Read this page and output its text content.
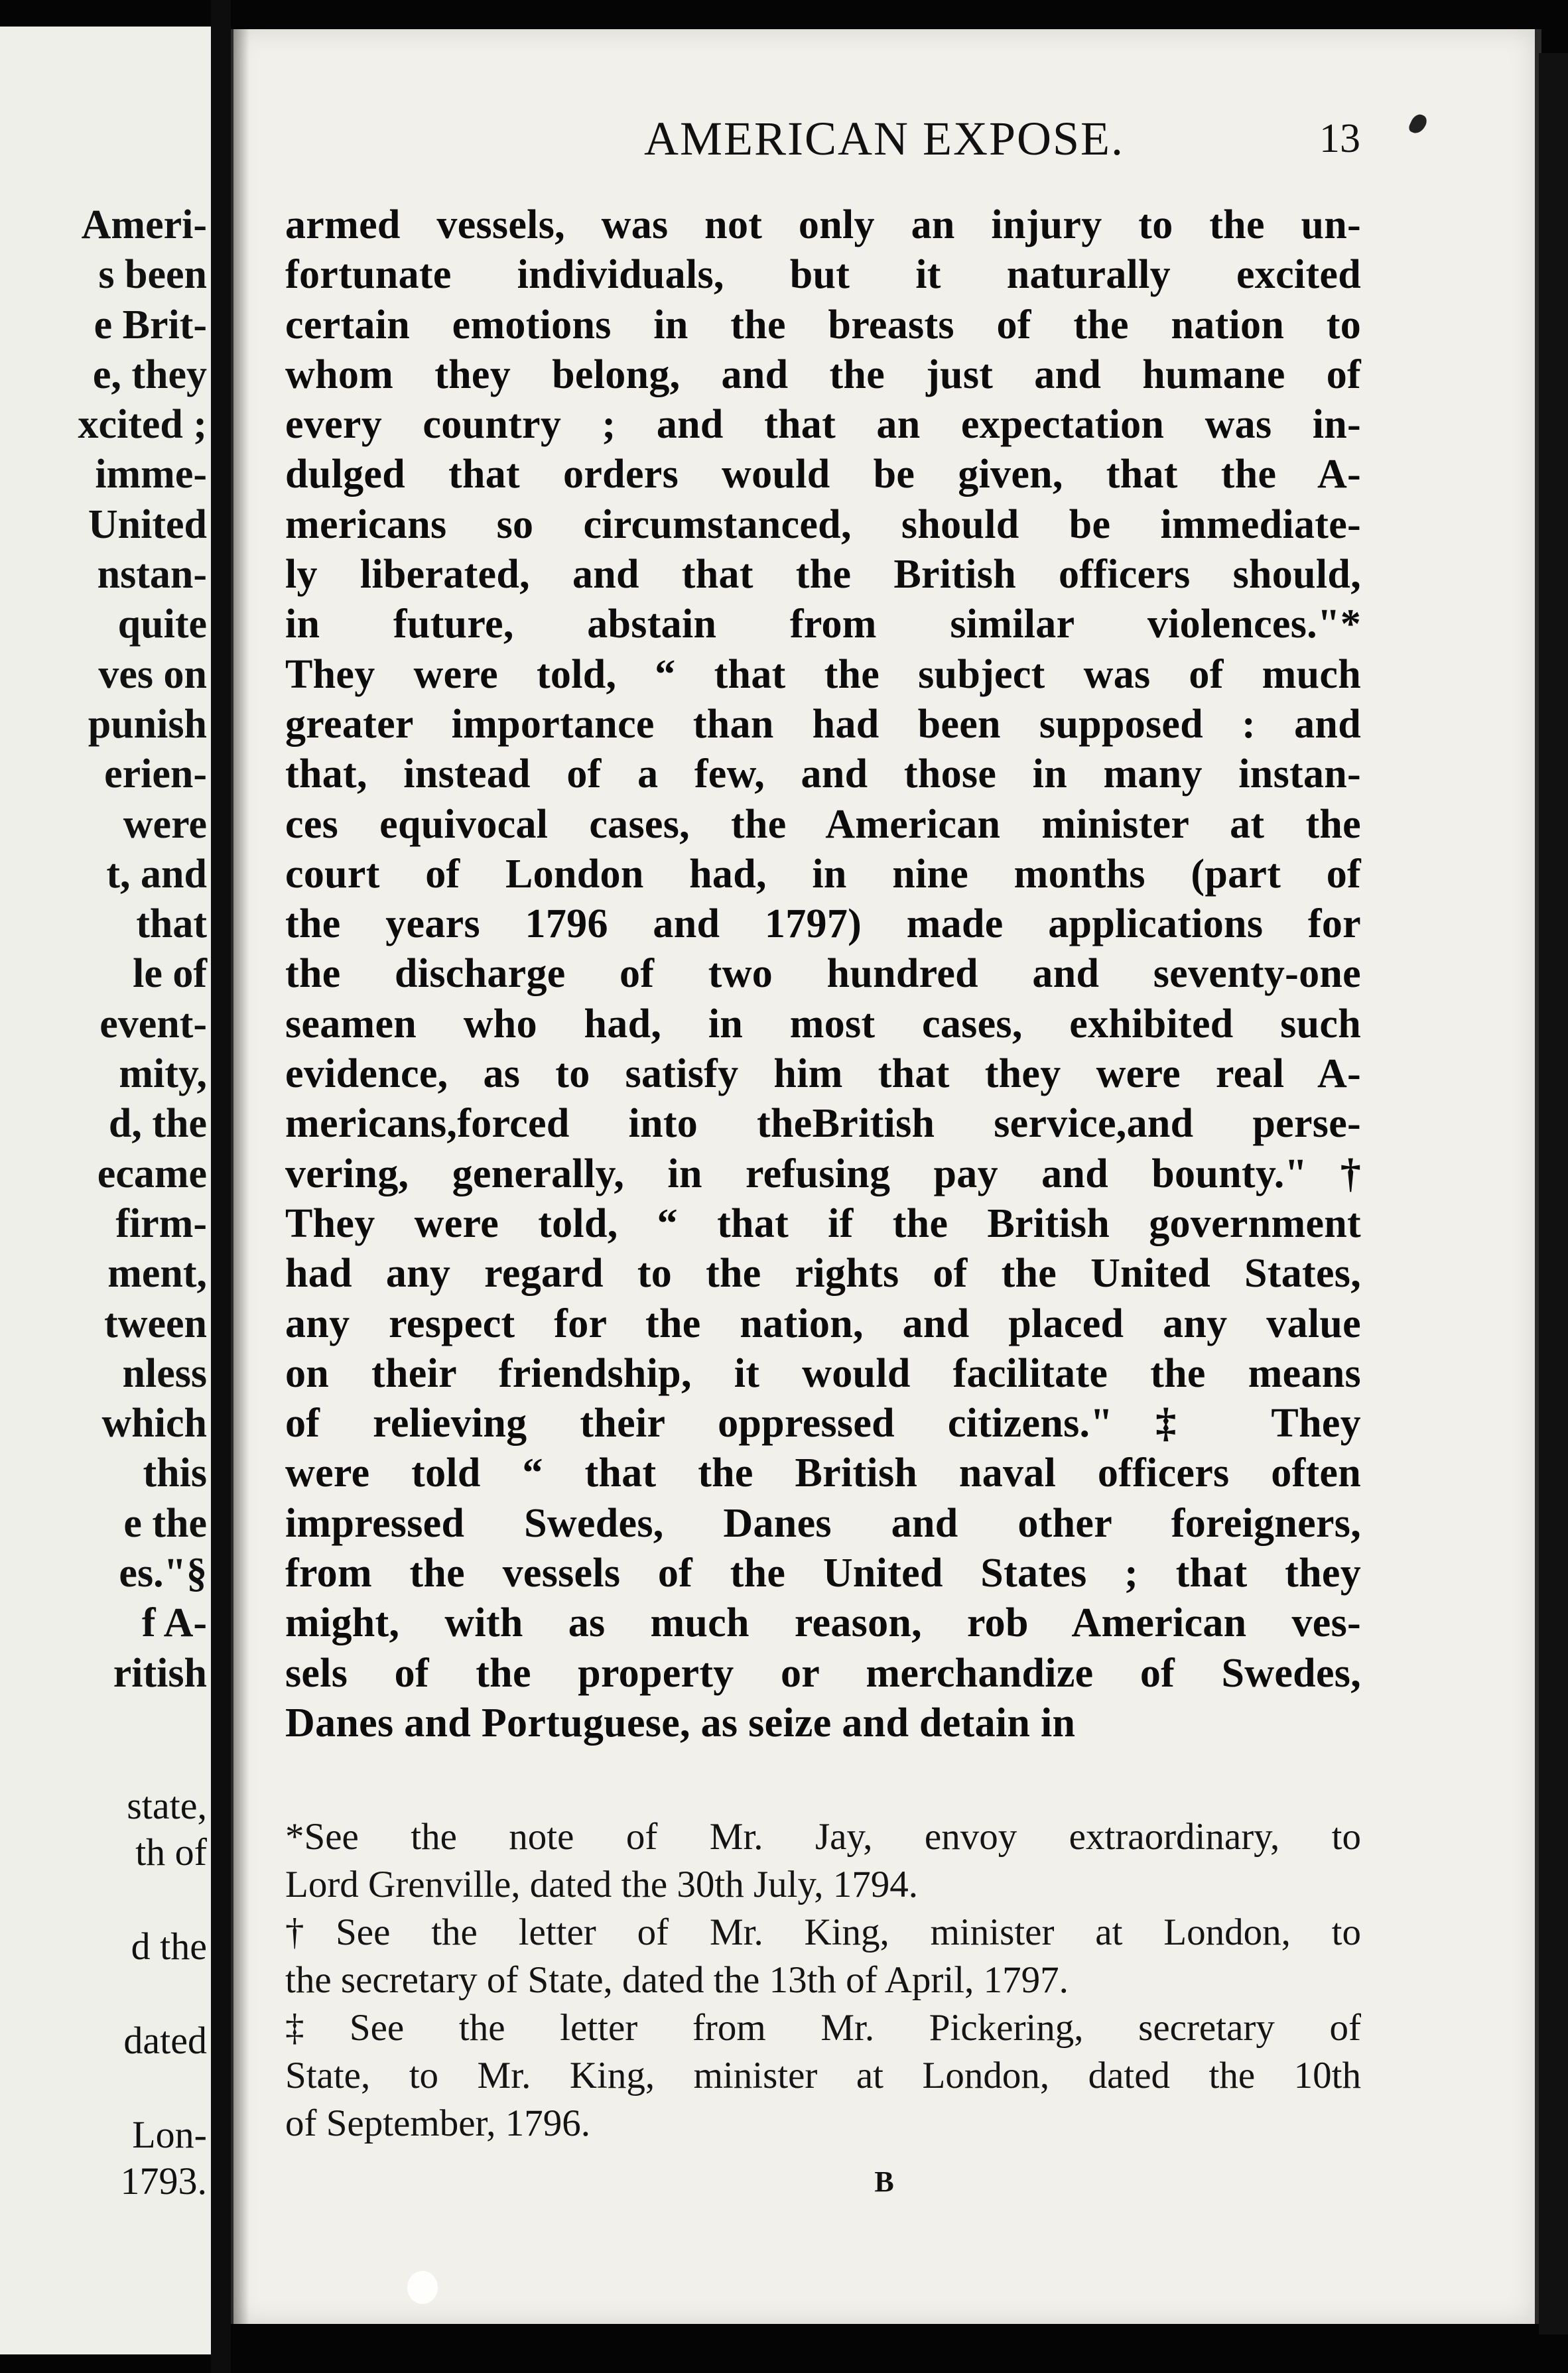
Ameri-
s been
e Brit-
e, they
xcited ;
imme-
United
nstan-
quite
ves on
punish
erien-
were
t, and
that
le of
event-
mity,
d, the
ecame
firm-
ment,
tween
nless
which
this
e the
es."§
f A-
ritish
state,
th of
d the
dated
Lon-
1793.
AMERICAN EXPOSE.	13
armed vessels, was not only an injury to the un-
fortunate individuals, but it naturally excited
certain emotions in the breasts of the nation to
whom they belong, and the just and humane of
every country ; and that an expectation was in-
dulged that orders would be given, that the A-
mericans so circumstanced, should be immediate-
ly liberated, and that the British officers should,
in future, abstain from similar violences."*
They were told, “ that the subject was of much
greater importance than had been supposed : and
that, instead of a few, and those in many instan-
ces equivocal cases, the American minister at the
court of London had, in nine months (part of
the years 1796 and 1797) made applications for
the discharge of two hundred and seventy-one
seamen who had, in most cases, exhibited such
evidence, as to satisfy him that they were real A-
mericans,forced into theBritish service,and perse-
vering, generally, in refusing pay and bounty."†
They were told, “ that if the British government
had any regard to the rights of the United States,
any respect for the nation, and placed any value
on their friendship, it would facilitate the means
of relieving their oppressed citizens."‡ They
were told “ that the British naval officers often
impressed Swedes, Danes and other foreigners,
from the vessels of the United States ; that they
might, with as much reason, rob American ves-
sels of the property or merchandize of Swedes,
Danes and Portuguese, as seize and detain in
*See the note of Mr. Jay, envoy extraordinary, to
Lord Grenville, dated the 30th July, 1794.
†See the letter of Mr. King, minister at London, to
the secretary of State, dated the 13th of April, 1797.
‡See the letter from Mr. Pickering, secretary of
State, to Mr. King, minister at London, dated the 10th
of September, 1796.
B
